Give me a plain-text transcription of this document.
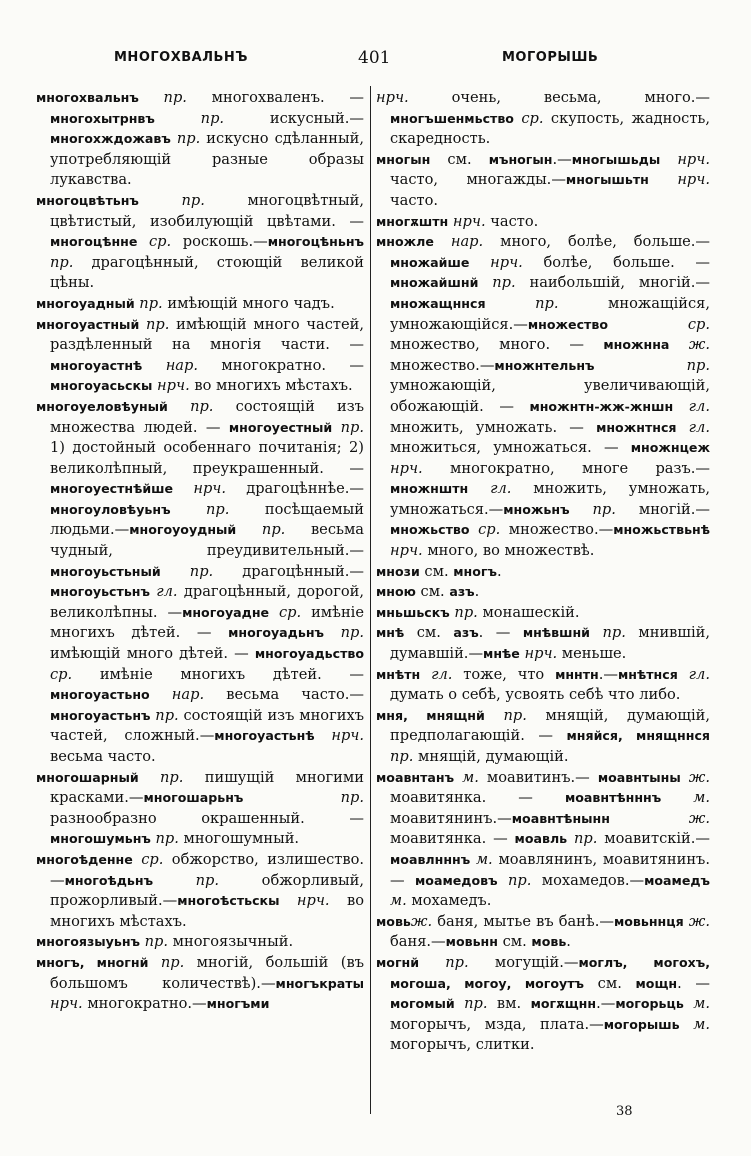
МНОГОХВАЛЬНЪ	401	МОГОРЫШЬ

многохвальнъ пр. многохваленъ. — многохытрнвъ пр. искусный.—многохждожавъ пр. искусно сдѣланный, употребляющій разные образы лукавства.

многоцвѣтьнъ пр. многоцвѣтный, цвѣтистый, изобилующій цвѣтами. —многоцѣнне ср. роскошь.—многоцѣньнъ пр. драгоцѣнный, стоющій великой цѣны.

многоуадный пр. имѣющій много чадъ.

многоуастный пр. имѣющій много частей, раздѣленный на многія части. —многоуастнѣ нар. многократно. — многоуасьскы нрч. во многихъ мѣстахъ.

многоуеловѣуный пр. состоящій изъ множества людей. — многоуестный пр. 1) достойный особеннаго почитанія; 2) великолѣпный, преукрашенный. — многоуестнѣйше нрч. драгоцѣннѣе.—многоуловѣуьнъ пр. посѣщаемый людьми.—многоуоудный пр. весьма чудный, преудивительный.—многоуьстьный пр. драгоцѣнный.—многоуьстьнъ гл. драгоцѣнный, дорогой, великолѣпны. —многоуадне ср. имѣніе многихъ дѣтей. — многоуадьнъ пр. имѣющій много дѣтей. — многоуадьство ср. имѣніе многихъ дѣтей. — многоуастьно нар. весьма часто.—многоуастьнъ пр. состоящій изъ многихъ частей, сложный.—многоуастьнѣ нрч. весьма часто.

многошарный пр. пишущій многими красками.—многошарьнъ пр. разнообразно окрашенный. — многошумьнъ пр. многошумный.

многоѣденне ср. обжорство, излишество.—многоѣдьнъ пр. обжорливый, прожорливый.—многоѣстьскы нрч. во многихъ мѣстахъ.

многоязыуьнъ пр. многоязычный.

многъ, многнй пр. многій, большій (въ большомъ количествѣ).—многъкраты нрч. многократно.—многъми

нрч. очень, весьма, много.—многъшенмьство ср. скупость, жадность, скаредность.

многын см. мънoгын.—многышьды нрч. часто, многажды.—многышьтн нрч. часто.

многѫштн нрч. часто.

множле нар. много, болѣе, больше.—множайше нрч. болѣе, больше. — множайшнй пр. наибольшій, многій.— множащннся пр. множащійся, умножающійся.—множество ср. множество, много. — множнна ж. множество.—множнтельнъ пр. умножающій, увеличивающій, обожающій. — множнтн-жж-жншн гл. множить, умножать. — множнтнся гл. множиться, умножаться. — множнцеж нрч. многократно, многе разъ.—множнштн гл. множить, умножать, умножаться.—множьнъ пр. многій.—множьство ср. множество.—множьствьнѣ нрч. много, во множествѣ.

мнози см. многъ.

мною см. азъ.

мньшьскъ пр. монашескій.

мнѣ см. азъ. — мнѣвшнй пр. мнившій, думавшій.—мнѣе нрч. меньше.

мнѣтн гл. тоже, что мннтн.—мнѣтнся гл. думать о себѣ, усвоять себѣ что либо.

мня, мнящнй пр. мнящій, думающій, предполагающій. — мняйся, мнящннся пр. мнящій, думающій.

моавнтанъ м. моавитинъ.— моавнтыны ж. моавитянка. — моавнтѣнннъ м. моавитянинъ.—моавнтѣнынн ж. моавитянка. — моавль пр. моавитскій.— моавлнннъ м. моавлянинъ, моавитянинъ. — моамедовъ пр. мохамедов.—моамедъ м. мохамедъ.

мовьж. баня, мытье въ банѣ.—мовьннця ж. баня.—мовьнн см. мовь.

могнй пр. могущій.—моглъ, могохъ, могоша, могоу, могоутъ см. мощн. —могомый пр. вм. могѫщнн.—могорьць м. могорычъ, мзда, плата.—могорышь м. могорычъ, слитки.

38
